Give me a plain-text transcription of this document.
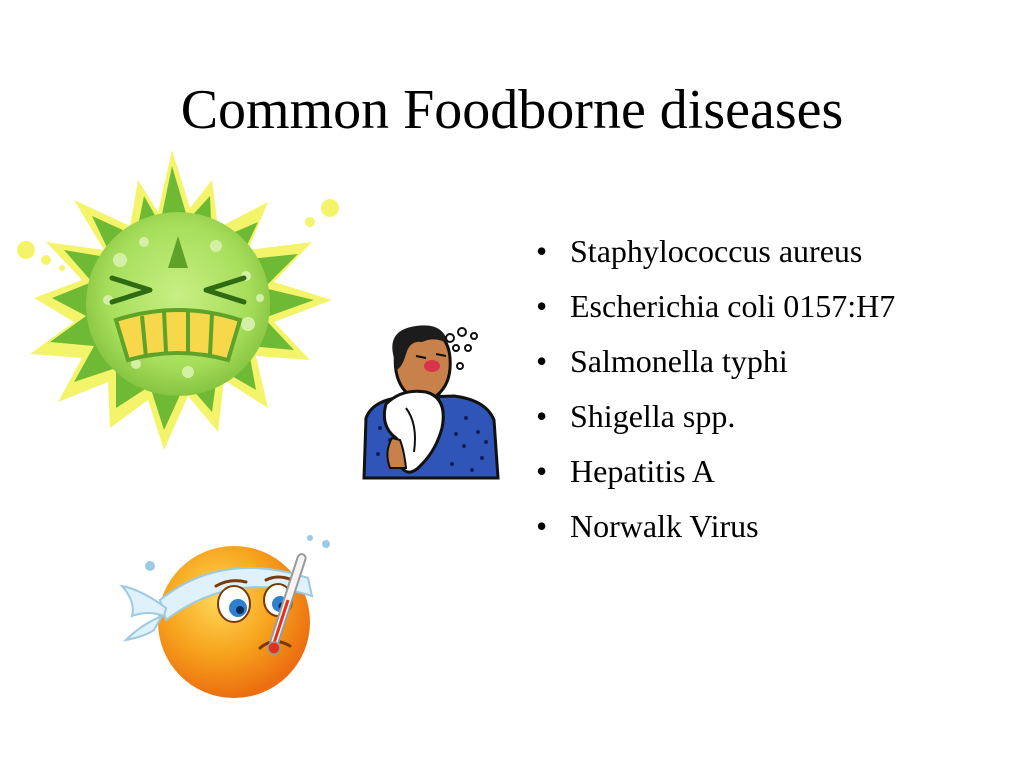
Common Foodborne diseases
• Staphylococcus aureus
• Escherichia coli 0157:H7
• Salmonella typhi
• Shigella spp.
• Hepatitis A
• Norwalk Virus
